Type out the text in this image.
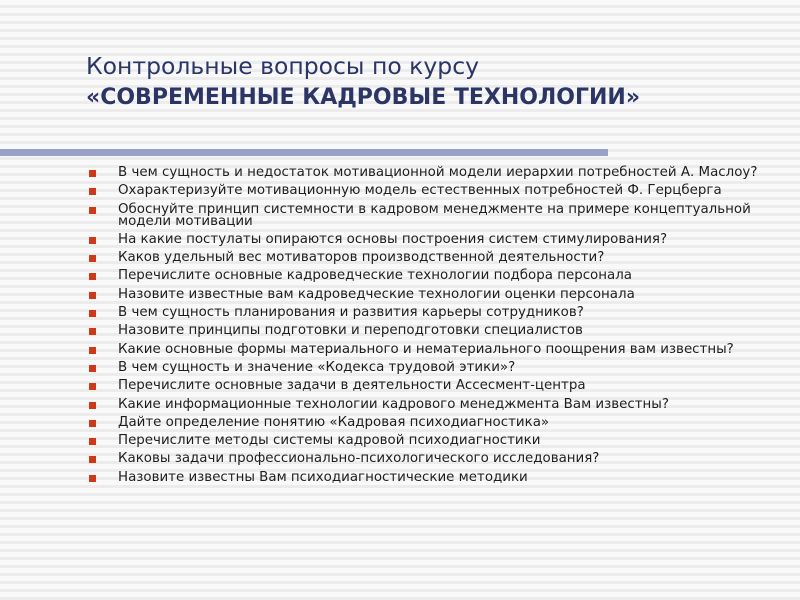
Контрольные вопросы по курсу
«СОВРЕМЕННЫЕ КАДРОВЫЕ ТЕХНОЛОГИИ»
В чем сущность и недостаток мотивационной модели иерархии потребностей А. Маслоу?
Охарактеризуйте мотивационную модель естественных потребностей Ф. Герцберга
Обоснуйте принцип системности в кадровом менеджменте на примере концептуальной модели мотивации
На какие постулаты опираются основы построения систем стимулирования?
Каков удельный вес мотиваторов производственной деятельности?
Перечислите основные кадроведческие технологии подбора персонала
Назовите известные вам кадроведческие технологии оценки персонала
В чем сущность планирования и развития карьеры сотрудников?
Назовите принципы подготовки и переподготовки специалистов
Какие основные формы материального и нематериального поощрения вам известны?
В чем сущность и значение «Кодекса трудовой этики»?
Перечислите основные задачи в деятельности Ассесмент-центра
Какие информационные технологии кадрового менеджмента Вам известны?
Дайте определение понятию «Кадровая психодиагностика»
Перечислите методы системы кадровой психодиагностики
Каковы задачи профессионально-психологического исследования?
Назовите известны Вам психодиагностические методики
